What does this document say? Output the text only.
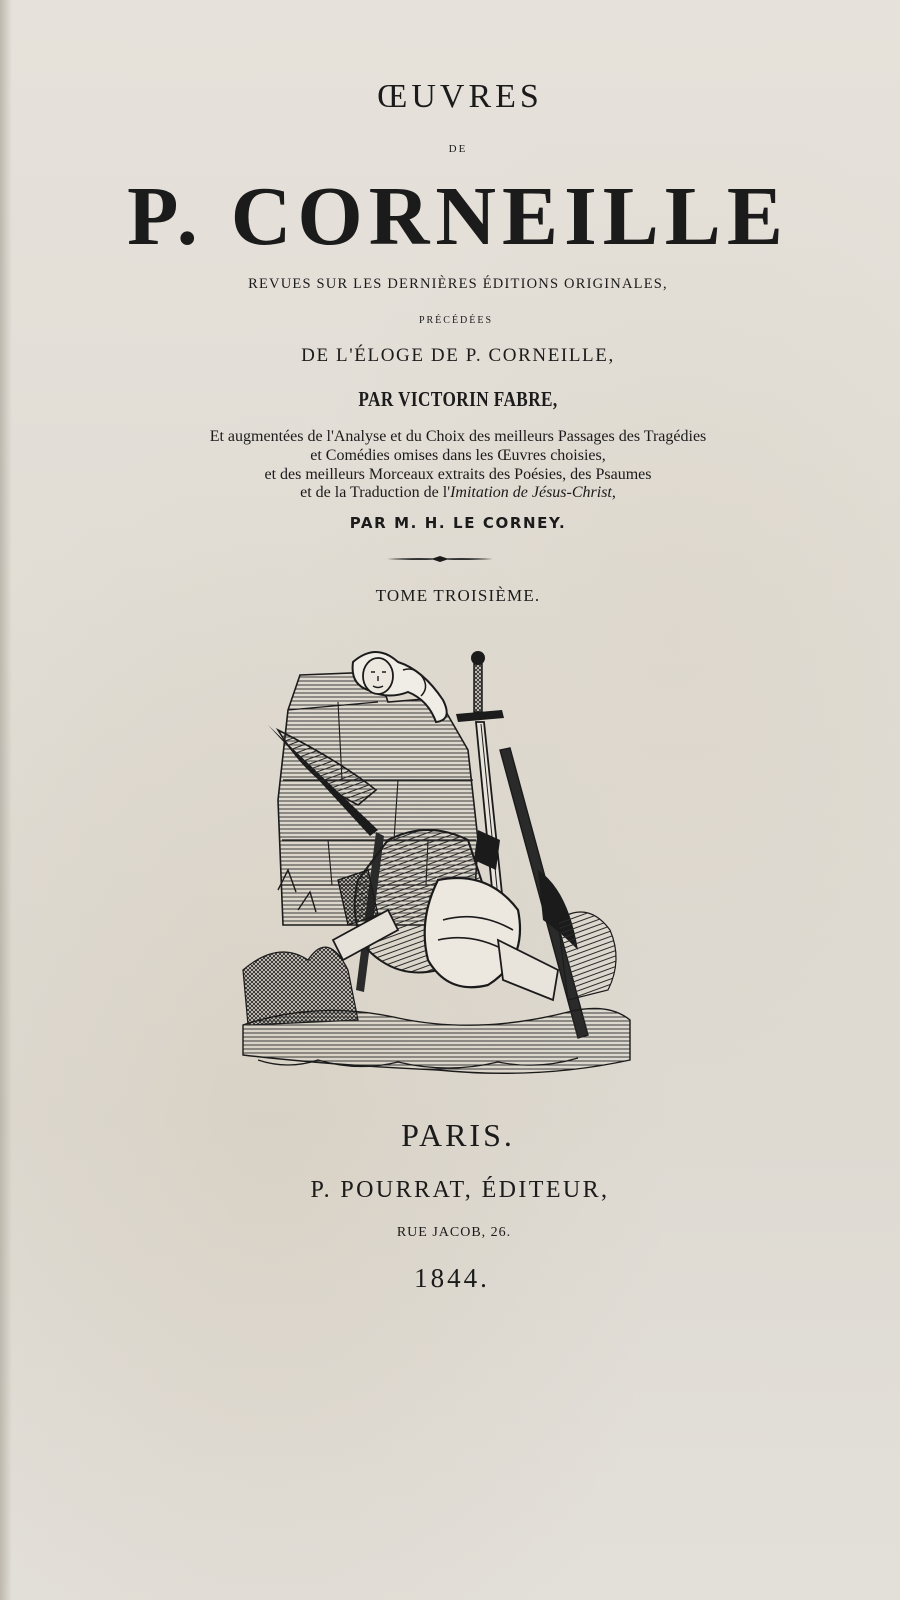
ŒUVRES
DE
P. CORNEILLE
REVUES SUR LES DERNIÈRES ÉDITIONS ORIGINALES,
PRÉCÉDÉES
DE L'ÉLOGE DE P. CORNEILLE,
PAR VICTORIN FABRE,
Et augmentées de l'Analyse et du Choix des meilleurs Passages des Tragédies
et Comédies omises dans les Œuvres choisies,
et des meilleurs Morceaux extraits des Poésies, des Psaumes
et de la Traduction de l'Imitation de Jésus-Christ,
PAR M. H. LE CORNEY.
TOME TROISIÈME.
PARIS.
P. POURRAT, ÉDITEUR,
RUE JACOB, 26.
1844.
